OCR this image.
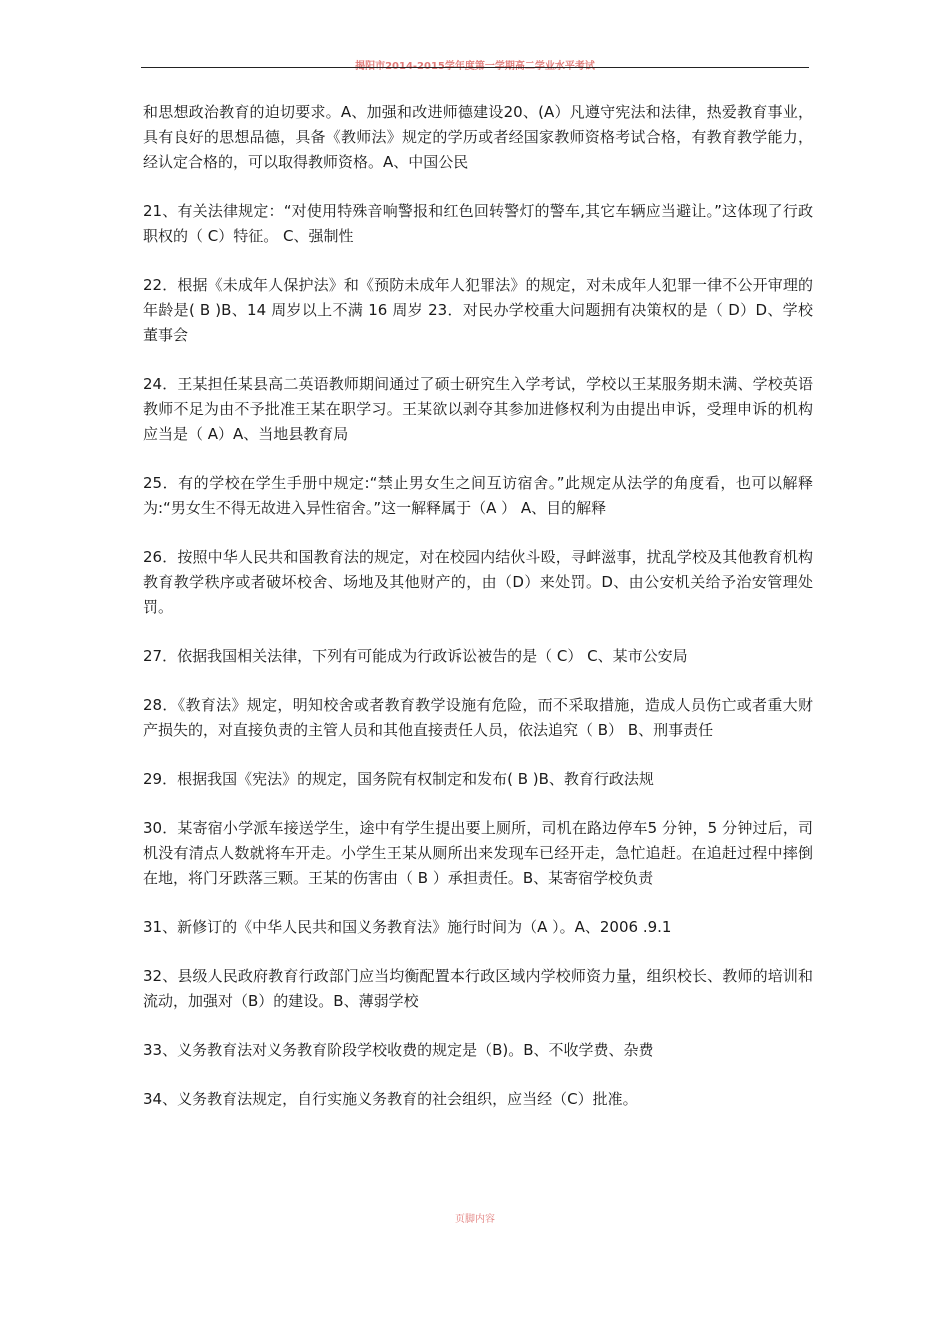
揭阳市2014-2015学年度第一学期高二学业水平考试

和思想政治教育的迫切要求。A、加强和改进师德建设20、(A）凡遵守宪法和法律，热爱教育事业，具有良好的思想品德，具备《教师法》规定的学历或者经国家教师资格考试合格，有教育教学能力，经认定合格的，可以取得教师资格。A、中国公民

21、有关法律规定：“对使用特殊音响警报和红色回转警灯的警车,其它车辆应当避让。”这体现了行政职权的（ C）特征。 C、强制性

22．根据《未成年人保护法》和《预防未成年人犯罪法》的规定，对未成年人犯罪一律不公开审理的年龄是( B )B、14 周岁以上不满 16 周岁 23．对民办学校重大问题拥有决策权的是（ D）D、学校董事会

24．王某担任某县高二英语教师期间通过了硕士研究生入学考试，学校以王某服务期未满、学校英语教师不足为由不予批准王某在职学习。王某欲以剥夺其参加进修权利为由提出申诉，受理申诉的机构应当是（ A）A、当地县教育局

25．有的学校在学生手册中规定:“禁止男女生之间互访宿舍。”此规定从法学的角度看，也可以解释为:“男女生不得无故进入异性宿舍。”这一解释属于（A ） A、目的解释

26．按照中华人民共和国教育法的规定，对在校园内结伙斗殴，寻衅滋事，扰乱学校及其他教育机构教育教学秩序或者破坏校舍、场地及其他财产的，由（D）来处罚。D、由公安机关给予治安管理处罚。

27．依据我国相关法律，下列有可能成为行政诉讼被告的是（ C） C、某市公安局

28．《教育法》规定，明知校舍或者教育教学设施有危险，而不采取措施，造成人员伤亡或者重大财产损失的，对直接负责的主管人员和其他直接责任人员，依法追究（ B） B、刑事责任

29．根据我国《宪法》的规定，国务院有权制定和发布( B )B、教育行政法规

30．某寄宿小学派车接送学生，途中有学生提出要上厕所，司机在路边停车5 分钟，5 分钟过后，司机没有清点人数就将车开走。小学生王某从厕所出来发现车已经开走，急忙追赶。在追赶过程中摔倒在地，将门牙跌落三颗。王某的伤害由（ B ）承担责任。B、某寄宿学校负责

31、新修订的《中华人民共和国义务教育法》施行时间为（A ）。A、2006 .9.1

32、县级人民政府教育行政部门应当均衡配置本行政区域内学校师资力量，组织校长、教师的培训和流动，加强对（B）的建设。B、薄弱学校

33、义务教育法对义务教育阶段学校收费的规定是（B)。B、不收学费、杂费

34、义务教育法规定，自行实施义务教育的社会组织，应当经（C）批准。

页脚内容
